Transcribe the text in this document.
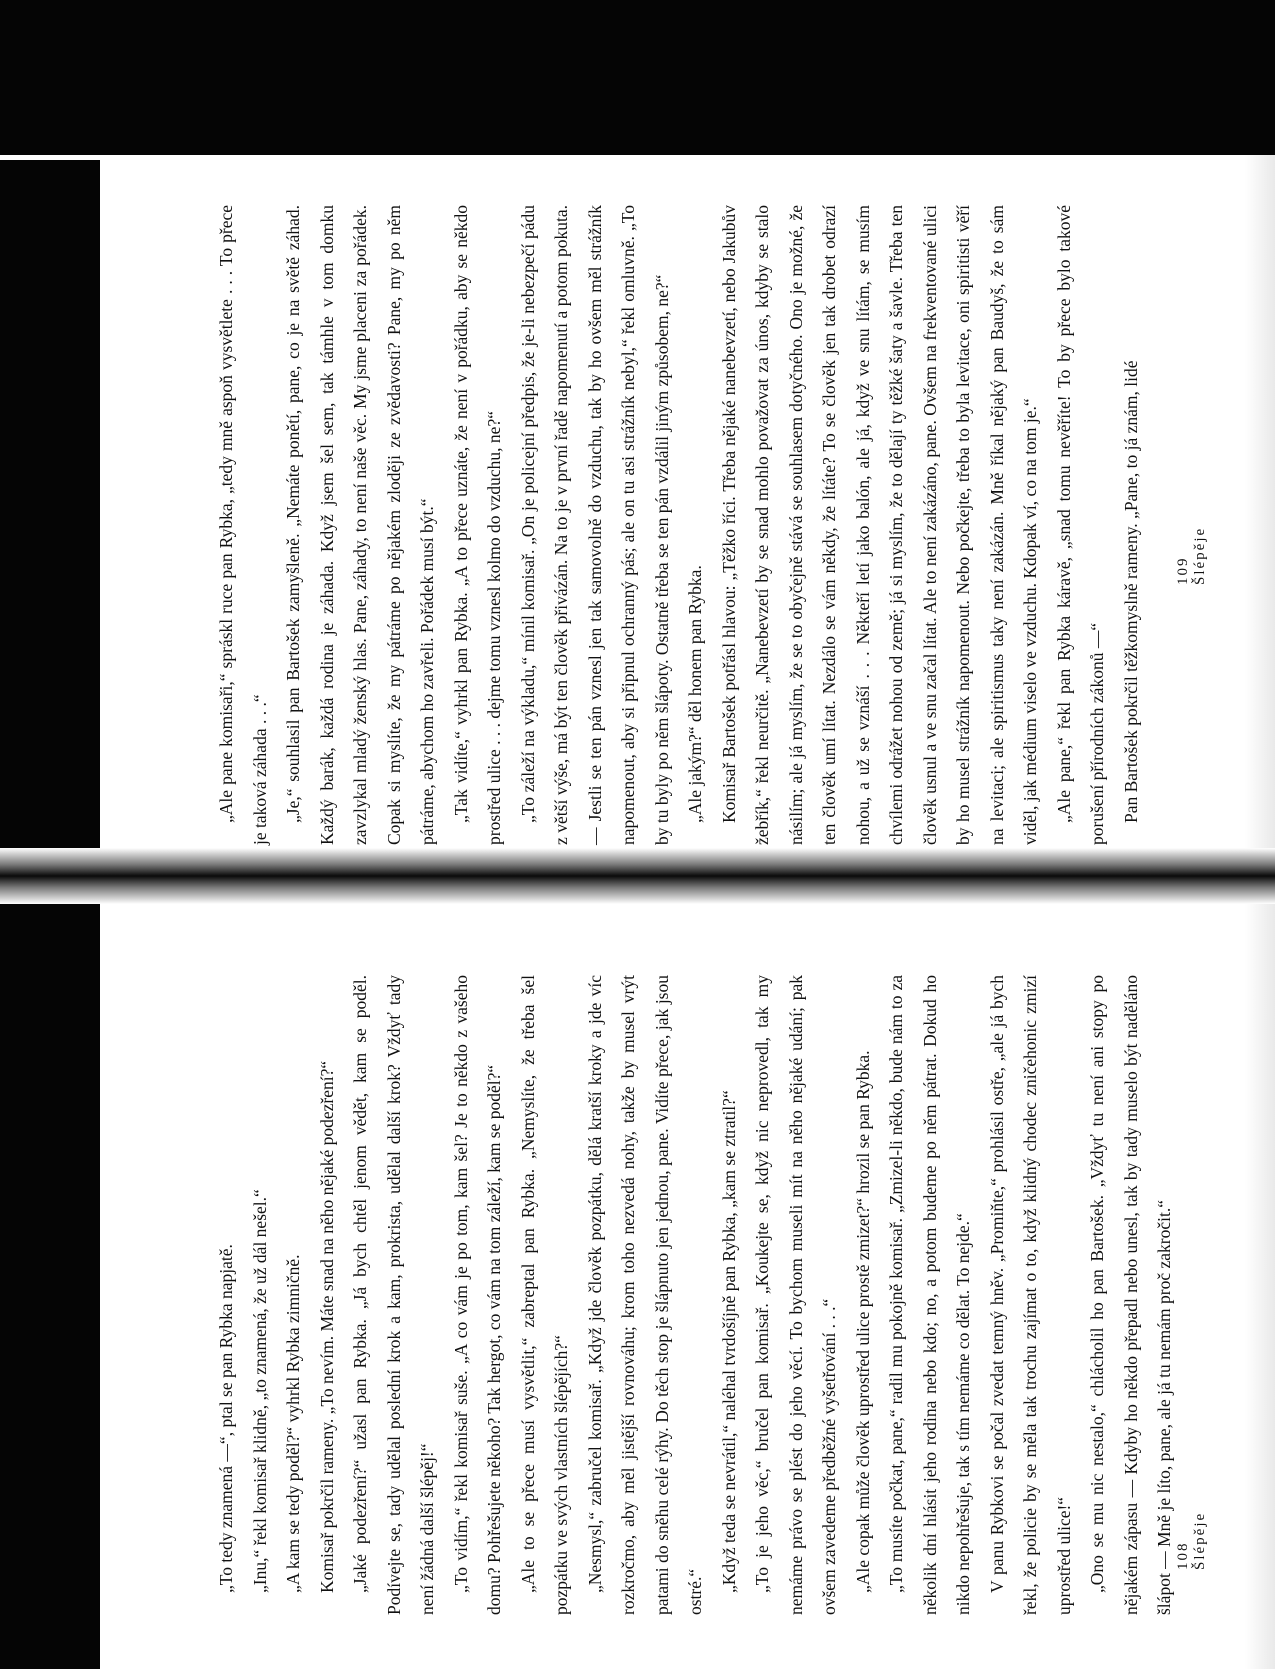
„Ale pane komisaři,“ spráskl ruce pan Rybka, „tedy mně aspoň vysvětlete . . . To přece je taková záhada . . .“ „Je,“ souhlasil pan Bartošek zamyšleně. „Nemáte ponětí, pane, co je na světě záhad. Každý barák, každá rodina je záhada. Když jsem šel sem, tak támhle v tom domku zavzlykal mladý ženský hlas. Pane, záhady, to není naše věc. My jsme placeni za pořádek. Copak si myslíte, že my pátráme po nějakém zloději ze zvědavosti? Pane, my po něm pátráme, abychom ho zavřeli. Pořádek musí být.“ „Tak vidíte,“ vyhrkl pan Rybka. „A to přece uznáte, že není v pořádku, aby se někdo prostřed ulice . . . dejme tomu vznesl kolmo do vzduchu, ne?“ „To záleží na výkladu,“ mínil komisař. „On je policejní předpis, že je-li nebezpečí pádu z větší výše, má být ten člověk přivázán. Na to je v první řadě napomenutí a potom pokuta. — Jestli se ten pán vznesl jen tak samovolně do vzduchu, tak by ho ovšem měl strážník napomenout, aby si připnul ochranný pás; ale on tu asi strážník nebyl,“ řekl omluvně. „To by tu byly po něm šlápoty. Ostatně třeba se ten pán vzdálil jiným způsobem, ne?“ „Ale jakým?“ děl honem pan Rybka. Komisař Bartošek potřásl hlavou: „Těžko říci. Třeba nějaké nanebevzetí, nebo Jakubův žebřík,“ řekl neurčitě. „Nanebevzetí by se snad mohlo považovat za únos, kdyby se stalo násilím; ale já myslím, že se to obyčejně stává se souhlasem dotyčného. Ono je možné, že ten člověk umí lítat. Nezdálo se vám někdy, že lítáte? To se člověk jen tak drobet odrazí nohou, a už se vznáší . . . Někteří letí jako balón, ale já, když ve snu lítám, se musím chvílemi odrážet nohou od země; já si myslím, že to dělají ty těžké šaty a šavle. Třeba ten člověk usnul a ve snu začal lítat. Ale to není zakázáno, pane. Ovšem na frekventované ulici by ho musel strážník napomenout. Nebo počkejte, třeba to byla levitace, oni spiritisti věří na levitaci; ale spiritismus taky není zakázán. Mně říkal nějaký pan Baudyš, že to sám viděl, jak médium viselo ve vzduchu. Kdopak ví, co na tom je.“ „Ale pane,“ řekl pan Rybka káravě, „snad tomu nevěříte! To by přece bylo takové porušení přírodních zákonů —“ Pan Bartošek pokrčil těžkomyslně rameny. „Pane, to já znám, lidé	109 Šlépěje

„To tedy znamená —“, ptal se pan Rybka napjatě. „Inu,“ řekl komisař klidně, „to znamená, že už dál nešel.“ „A kam se tedy poděl?“ vyhrkl Rybka zimničně. Komisař pokrčil rameny. „To nevím. Máte snad na něho nějaké podezření?“ „Jaké podezření?“ užasl pan Rybka. „Já bych chtěl jenom vědět, kam se poděl. Podívejte se, tady udělal poslední krok a kam, prokrista, udělal další krok? Vždyť tady není žádná další šlépěj!“ „To vidím,“ řekl komisař suše. „A co vám je po tom, kam šel? Je to někdo z vašeho domu? Pohřešujete někoho? Tak hergot, co vám na tom záleží, kam se poděl?“ „Ale to se přece musí vysvětlit,“ zabreptal pan Rybka. „Nemyslíte, že třeba šel pozpátku ve svých vlastních šlépějích?“ „Nesmysl,“ zabručel komisař. „Když jde člověk pozpátku, dělá kratší kroky a jde víc rozkročmo, aby měl jistější rovnováhu; krom toho nezvedá nohy, takže by musel vrýt patami do sněhu celé rýhy. Do těch stop je šlápnuto jen jednou, pane. Vidíte přece, jak jsou ostré.“ „Když teda se nevrátil,“ naléhal tvrdošíjně pan Rybka, „kam se ztratil?“ „To je jeho věc,“ bručel pan komisař. „Koukejte se, když nic neprovedl, tak my nemáme právo se plést do jeho věcí. To bychom museli mít na něho nějaké udání; pak ovšem zavedeme předběžné vyšetřování . . .“ „Ale copak může člověk uprostřed ulice prostě zmizet?“ hrozil se pan Rybka. „To musíte počkat, pane,“ radil mu pokojně komisař. „Zmizel-li někdo, bude nám to za několik dní hlásit jeho rodina nebo kdo; no, a potom budeme po něm pátrat. Dokud ho nikdo nepohřešuje, tak s tím nemáme co dělat. To nejde.“ V panu Rybkovi se počal zvedat temný hněv. „Promiňte,“ prohlásil ostře, „ale já bych řekl, že policie by se měla tak trochu zajímat o to, když klidný chodec zničehonic zmizí uprostřed ulice!“ „Ono se mu nic nestalo,“ chlácholil ho pan Bartošek. „Vždyť tu není ani stopy po nějakém zápasu — Kdyby ho někdo přepadl nebo unesl, tak by tady muselo být naděláno šlápot — Mně je líto, pane, ale já tu nemám proč zakročit.“ 108 Šlépěje
